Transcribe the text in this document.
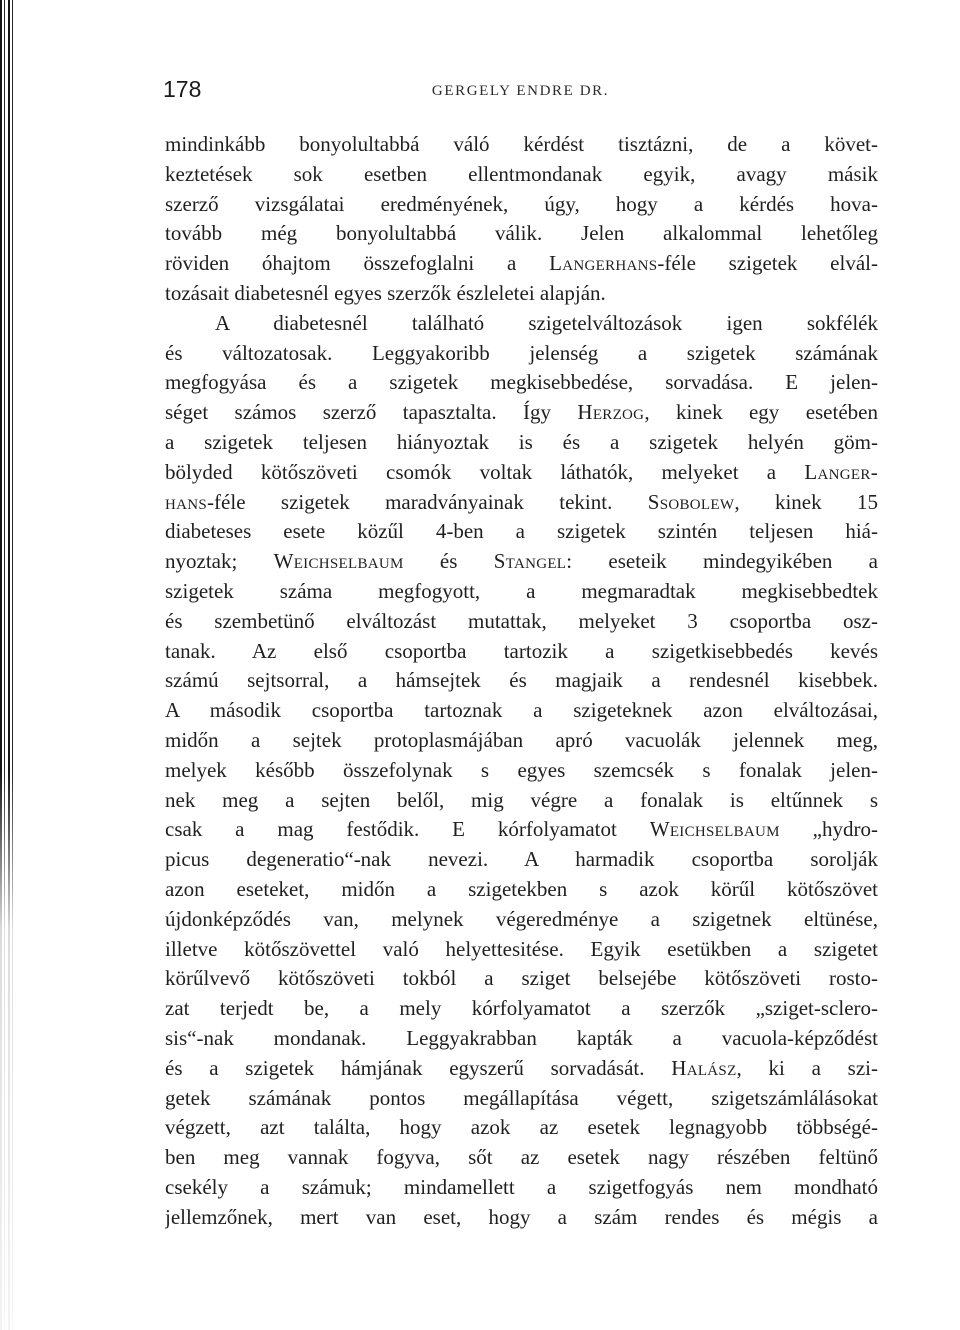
178	GERGELY ENDRE DR.
mindinkább bonyolultabbá váló kérdést tisztázni, de a követ-
keztetések sok esetben ellentmondanak egyik, avagy másik
szerző vizsgálatai eredményének, úgy, hogy a kérdés hova-
tovább még bonyolultabbá válik. Jelen alkalommal lehetőleg
röviden óhajtom összefoglalni a Langerhans-féle szigetek elvál-
tozásait diabetesnél egyes szerzők észleletei alapján.
A diabetesnél található szigetelváltozások igen sokfélék
és változatosak. Leggyakoribb jelenség a szigetek számának
megfogyása és a szigetek megkisebbedése, sorvadása. E jelen-
séget számos szerző tapasztalta. Így Herzog, kinek egy esetében
a szigetek teljesen hiányoztak is és a szigetek helyén göm-
bölyded kötőszöveti csomók voltak láthatók, melyeket a Langer-
hans-féle szigetek maradványainak tekint. Ssobolew, kinek 15
diabeteses esete közűl 4-ben a szigetek szintén teljesen hiá-
nyoztak; Weichselbaum és Stangel: eseteik mindegyikében a
szigetek száma megfogyott, a megmaradtak megkisebbedtek
és szembetünő elváltozást mutattak, melyeket 3 csoportba osz-
tanak. Az első csoportba tartozik a szigetkisebbedés kevés
számú sejtsorral, a hámsejtek és magjaik a rendesnél kisebbek.
A második csoportba tartoznak a szigeteknek azon elváltozásai,
midőn a sejtek protoplasmájában apró vacuolák jelennek meg,
melyek később összefolynak s egyes szemcsék s fonalak jelen-
nek meg a sejten belől, mig végre a fonalak is eltűnnek s
csak a mag festődik. E kórfolyamatot Weichselbaum „hydro-
picus degeneratio“-nak nevezi. A harmadik csoportba sorolják
azon eseteket, midőn a szigetekben s azok körűl kötőszövet
újdonképződés van, melynek végeredménye a szigetnek eltünése,
illetve kötőszövettel való helyettesitése. Egyik esetükben a szigetet
körűlvevő kötőszöveti tokból a sziget belsejébe kötőszöveti rosto-
zat terjedt be, a mely kórfolyamatot a szerzők „sziget-sclero-
sis“-nak mondanak. Leggyakrabban kapták a vacuola-képződést
és a szigetek hámjának egyszerű sorvadását. Halász, ki a szi-
getek számának pontos megállapítása végett, szigetszámlálásokat
végzett, azt találta, hogy azok az esetek legnagyobb többségé-
ben meg vannak fogyva, sőt az esetek nagy részében feltünő
csekély a számuk; mindamellett a szigetfogyás nem mondható
jellemzőnek, mert van eset, hogy a szám rendes és mégis a
